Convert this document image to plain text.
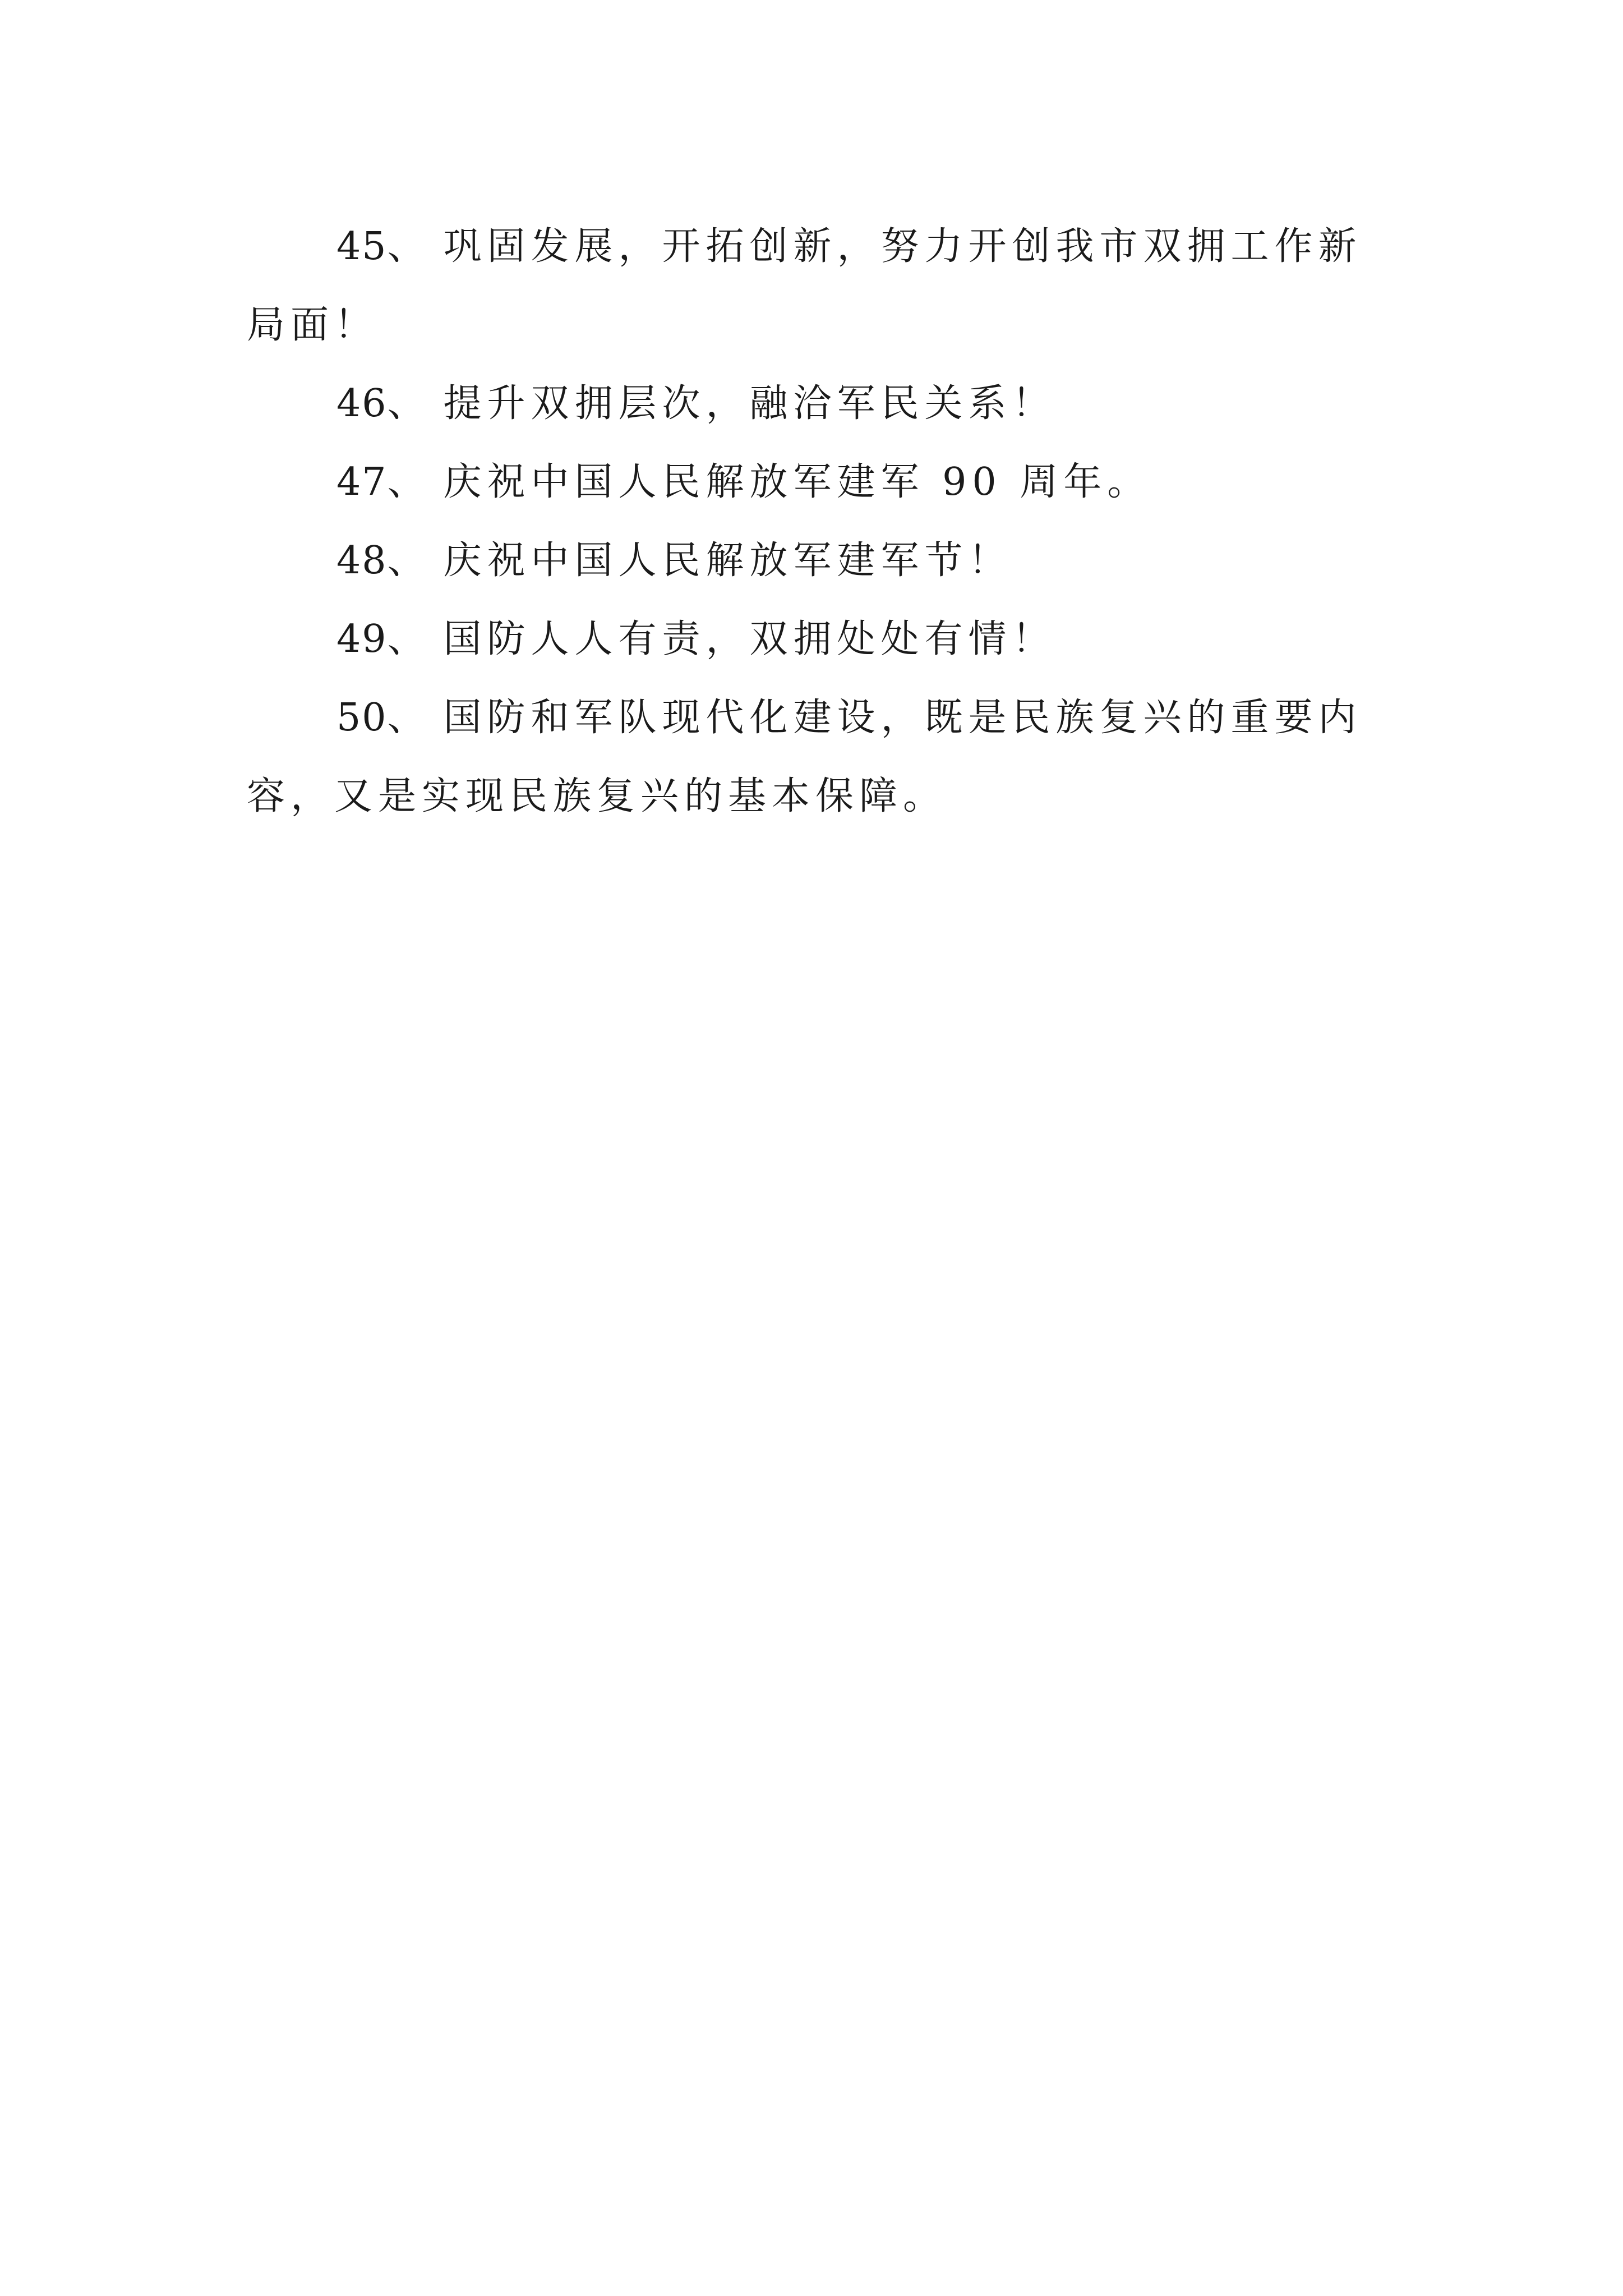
45、 巩固发展，开拓创新，努力开创我市双拥工作新局面！

46、 提升双拥层次，融洽军民关系！

47、 庆祝中国人民解放军建军 90 周年。

48、 庆祝中国人民解放军建军节！

49、 国防人人有责，双拥处处有情！

50、 国防和军队现代化建设，既是民族复兴的重要内容，又是实现民族复兴的基本保障。
